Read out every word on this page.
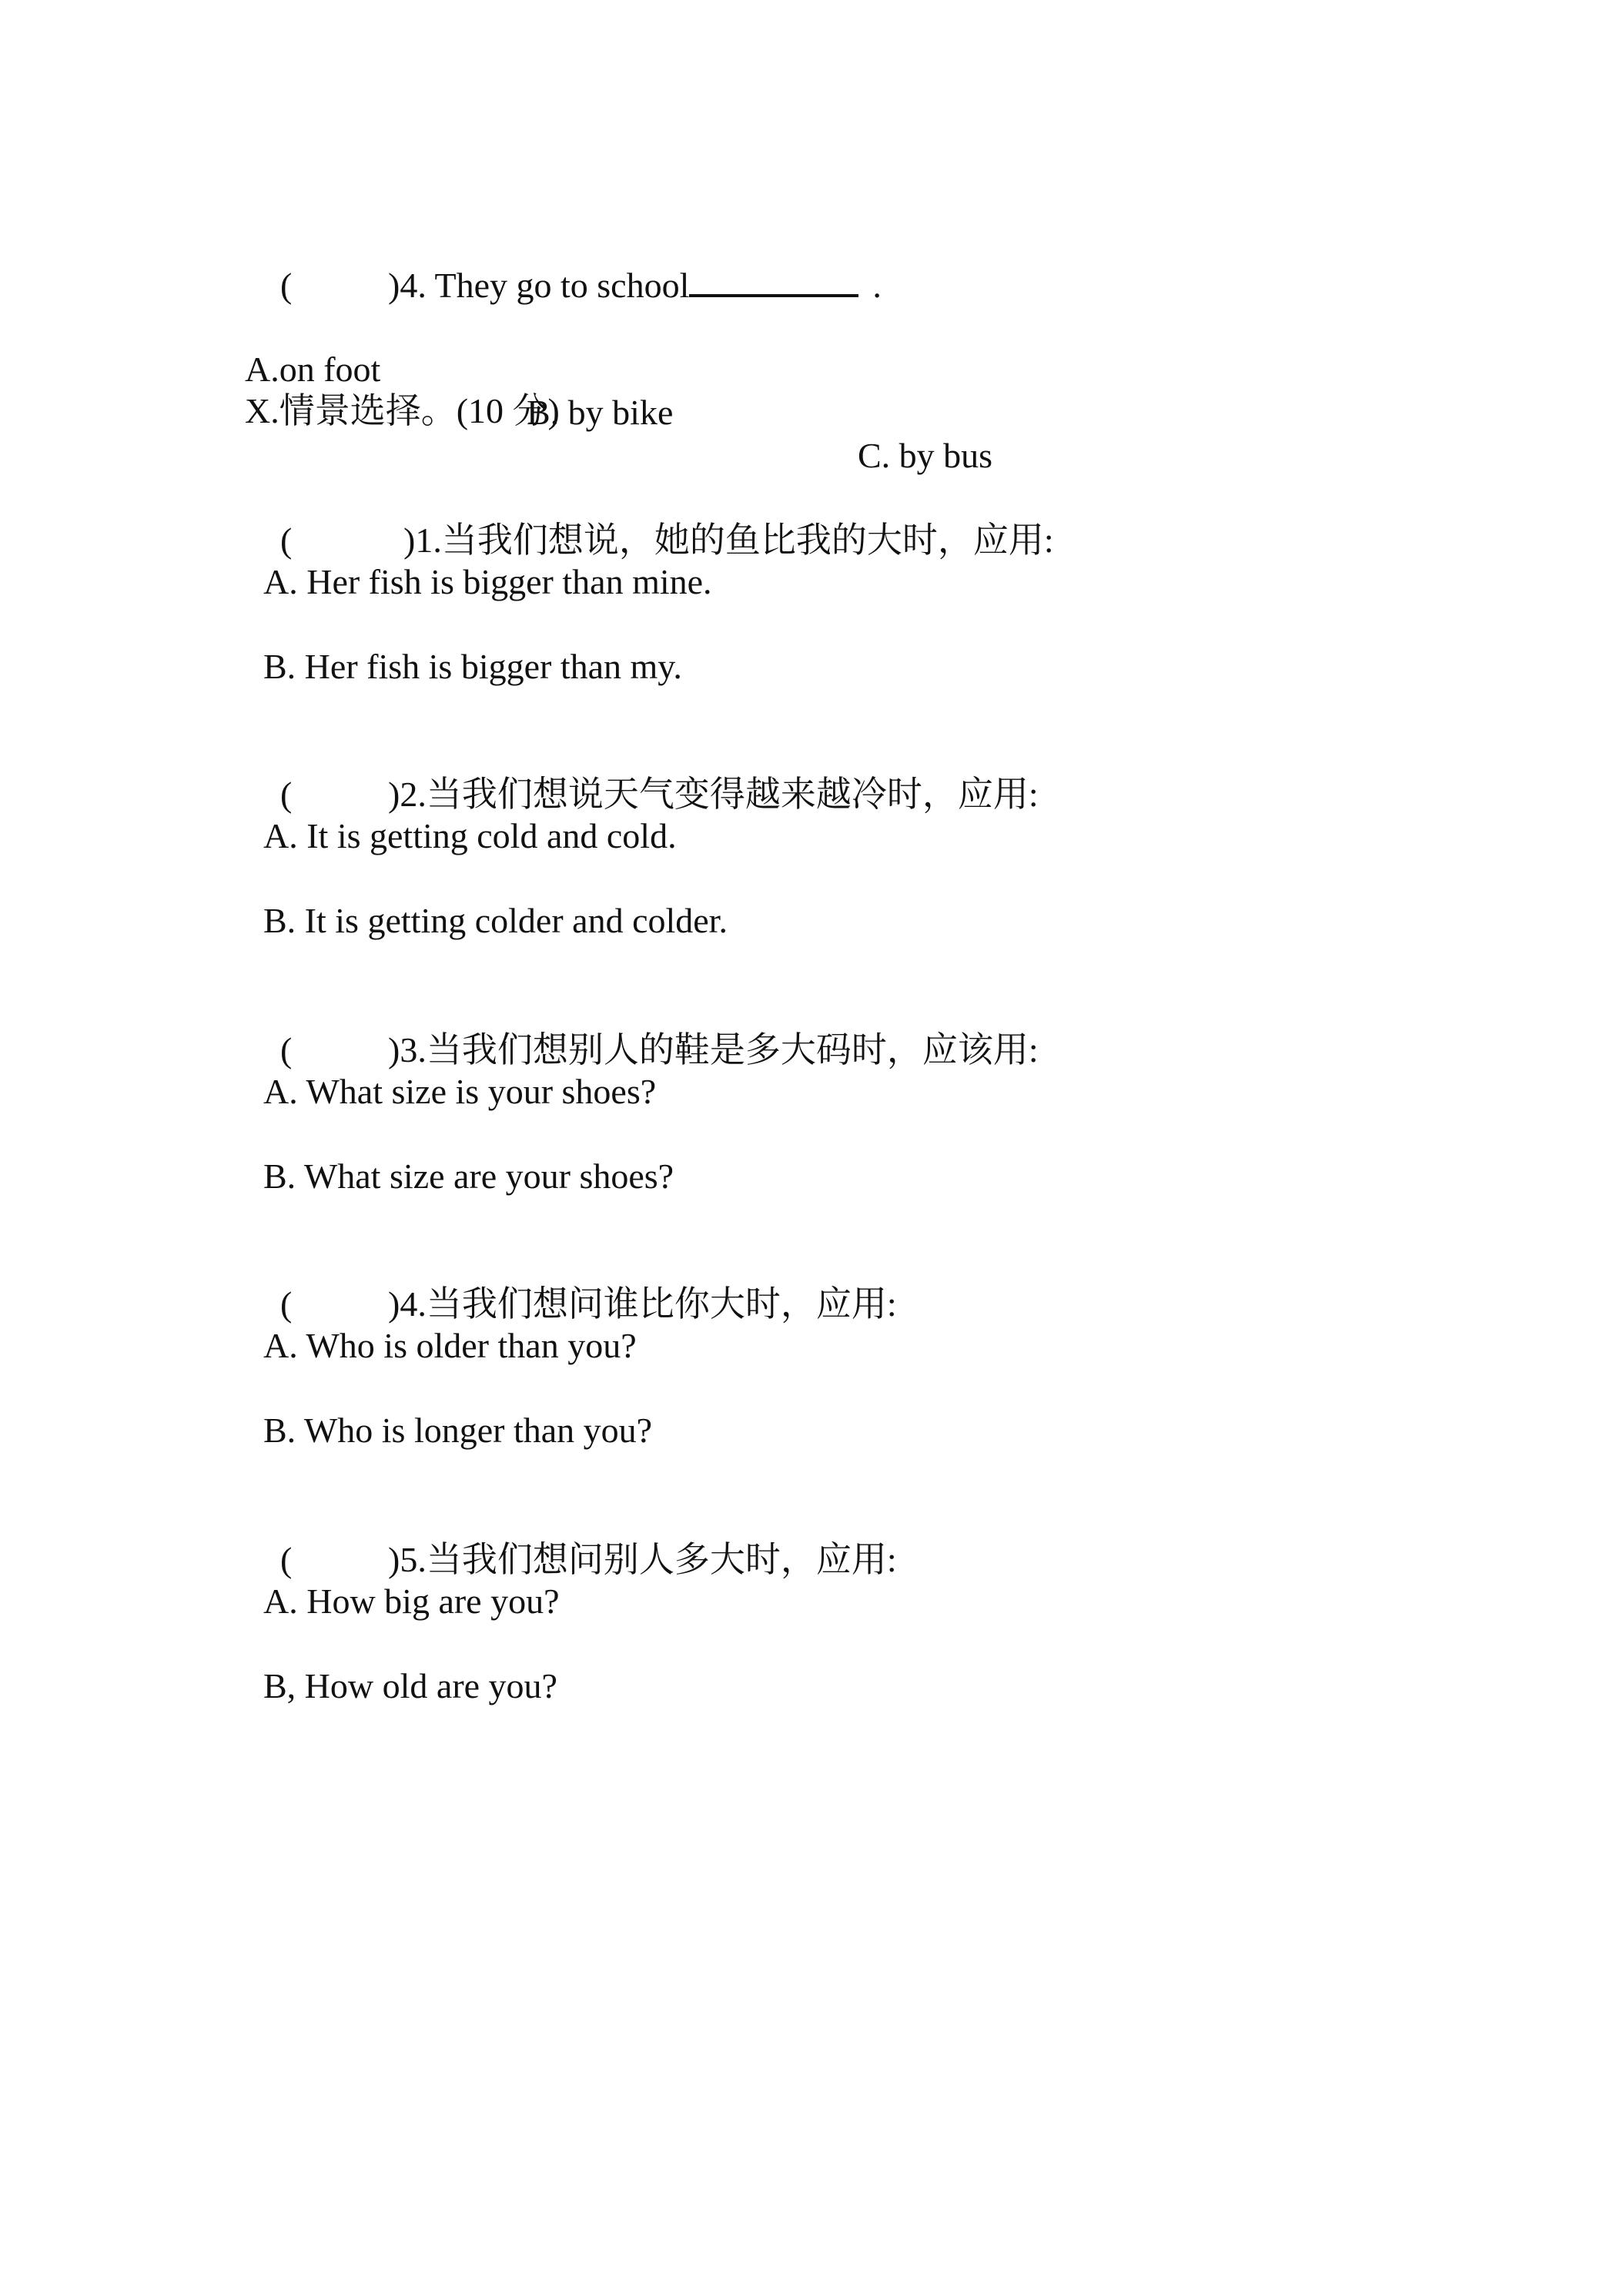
(	)4. They go to school	.

A.on foot

B. by bike

C. by bus

X.情景选择。(10 分)

(	)1.当我们想说，她的鱼比我的大时，应用:

A. Her fish is bigger than mine.
B. Her fish is bigger than my.

(	)2.当我们想说天气变得越来越冷时，应用:

A. It is getting cold and cold.
B. It is getting colder and colder.

(	)3.当我们想别人的鞋是多大码时，应该用:

A. What size is your shoes?
B. What size are your shoes?

(	)4.当我们想问谁比你大时，应用:

A. Who is older than you?
B. Who is longer than you?

(	)5.当我们想问别人多大时，应用:

A. How big are you?
B, How old are you?
